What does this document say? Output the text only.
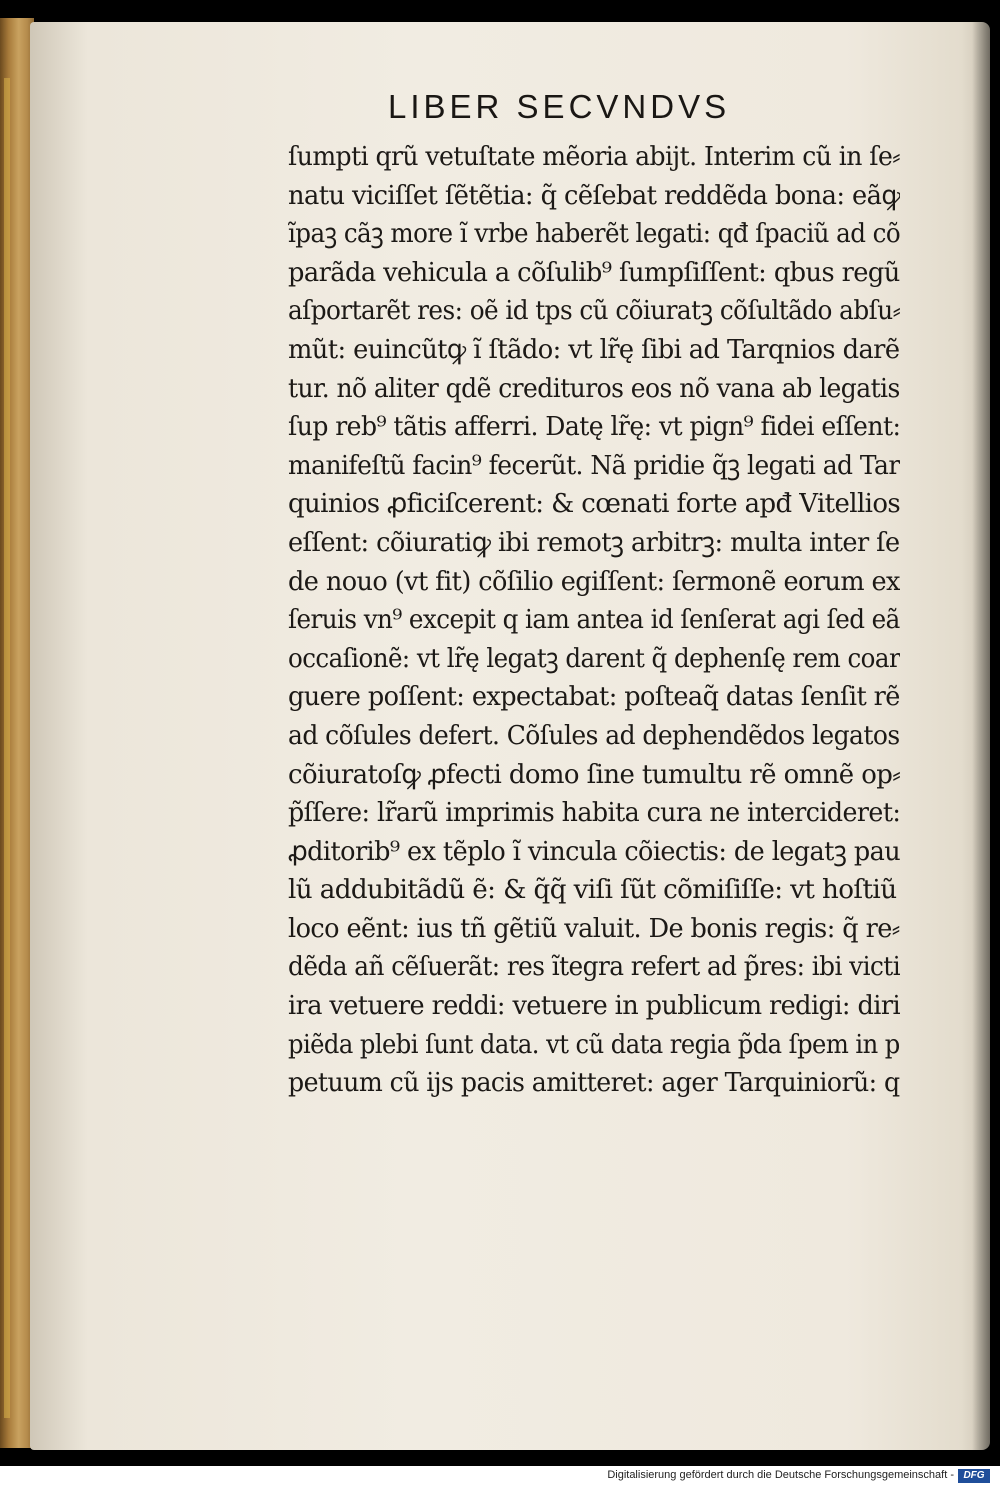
LIBER SECVNDVS
ſumpti qrũ vetuſtate mẽoria abijt. Interim cũ in ſe⸗
natu viciſſet ſẽtẽtia: q̃ cẽſebat reddẽda bona: eãꝙ
ĩpaꝫ cãꝫ more ĩ vrbe haberẽt legati: qđ ſpaciũ ad cõ
parãda vehicula a cõſulib⁹ ſumpſiſſent: qbus regũ
aſportarẽt res: oẽ id tps cũ cõiuratꝫ cõſultãdo abſu⸗
mũt: euincũtꝙ ĩ ſtãdo: vt lr̃ę ſibi ad Tarqnios darẽ
tur. nõ aliter qdẽ credituros eos nõ vana ab legatis
ſup reb⁹ tãtis afferri. Datę lr̃ę: vt pign⁹ fidei eſſent:
manifeſtũ facin⁹ fecerũt. Nã pridie q̃ꝫ legati ad Tar
quinios ꝓficiſcerent: & cœnati forte apđ Vitellios
eſſent: cõiuratiꝙ ibi remotꝫ arbitrꝫ: multa inter ſe
de nouo (vt fit) cõſilio egiſſent: ſermonẽ eorum ex
ſeruis vn⁹ excepit q iam antea id ſenſerat agi ſed eã
occaſionẽ: vt lr̃ę legatꝫ darent q̃ dephenſę rem coar
guere poſſent: expectabat: poſteaq̃ datas ſenſit rẽ
ad cõſules defert. Cõſules ad dephendẽdos legatos
cõiuratoſꝙ ꝓfecti domo ſine tumultu rẽ omnẽ op⸗
p̃ſſere: lr̃arũ imprimis habita cura ne intercideret:
ꝓditorib⁹ ex tẽplo ĩ vincula cõiectis: de legatꝫ pau
lũ addubitãdũ ẽ: & q̃q̃ viſi ſũt cõmiſiſſe: vt hoſtiũ
loco eẽnt: ius tñ gẽtiũ valuit. De bonis regis: q̃ re⸗
dẽda añ cẽſuerãt: res ĩtegra refert ad p̃res: ibi victi
ira vetuere reddi: vetuere in publicum redigi: diri
piẽda plebi ſunt data. vt cũ data regia p̃da ſpem in p
petuum cũ ijs pacis amitteret: ager Tarquiniorũ: q
Digitalisierung gefördert durch die Deutsche Forschungsgemeinschaft - DFG
